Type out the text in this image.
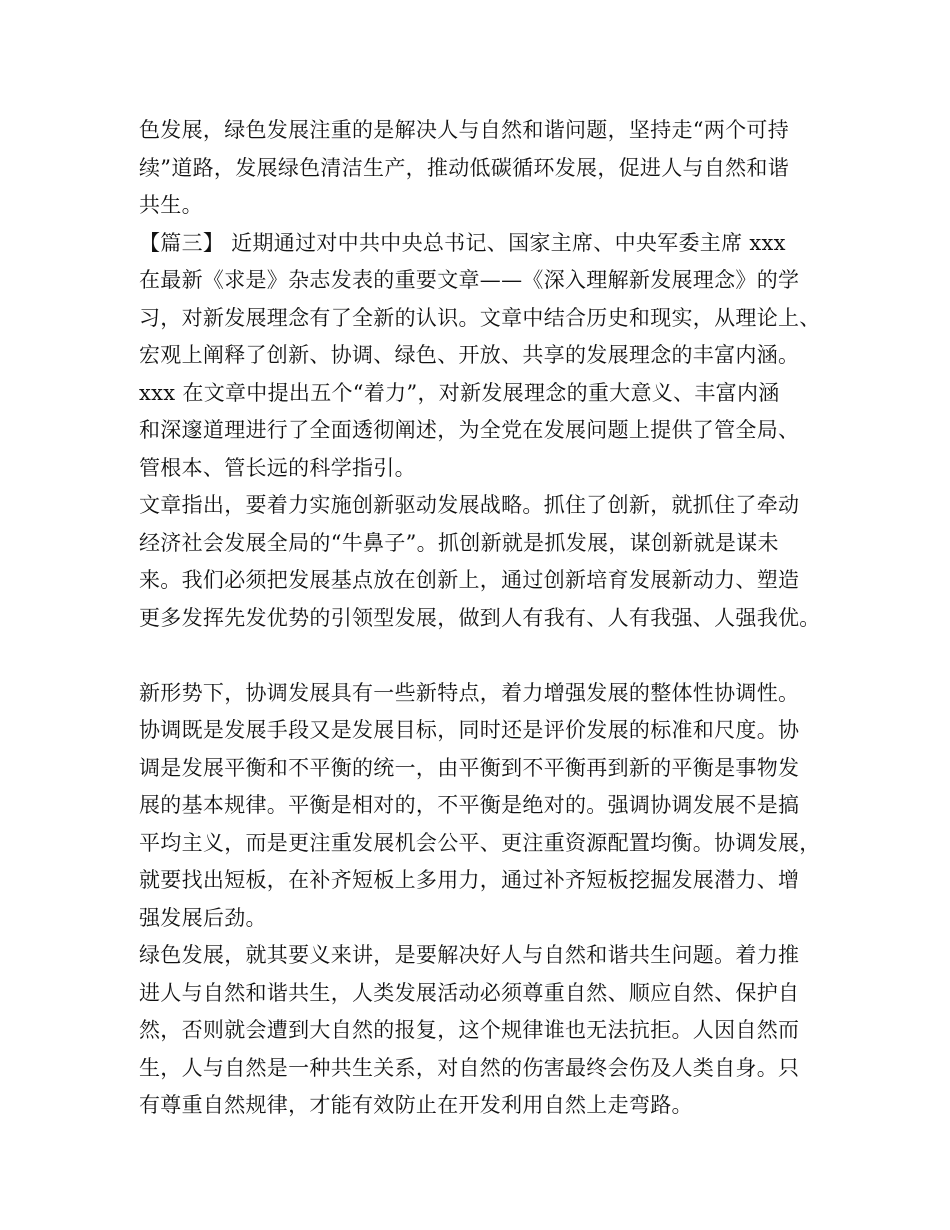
色发展，绿色发展注重的是解决人与自然和谐问题，坚持走“两个可持
续”道路，发展绿色清洁生产，推动低碳循环发展，促进人与自然和谐
共生。
【篇三】 近期通过对中共中央总书记、国家主席、中央军委主席 xxx
在最新《求是》杂志发表的重要文章——《深入理解新发展理念》的学
习，对新发展理念有了全新的认识。文章中结合历史和现实，从理论上、
宏观上阐释了创新、协调、绿色、开放、共享的发展理念的丰富内涵。
xxx 在文章中提出五个“着力”，对新发展理念的重大意义、丰富内涵
和深邃道理进行了全面透彻阐述，为全党在发展问题上提供了管全局、
管根本、管长远的科学指引。
文章指出，要着力实施创新驱动发展战略。抓住了创新，就抓住了牵动
经济社会发展全局的“牛鼻子”。抓创新就是抓发展，谋创新就是谋未
来。我们必须把发展基点放在创新上，通过创新培育发展新动力、塑造
更多发挥先发优势的引领型发展，做到人有我有、人有我强、人强我优。
新形势下，协调发展具有一些新特点，着力增强发展的整体性协调性。
协调既是发展手段又是发展目标，同时还是评价发展的标准和尺度。协
调是发展平衡和不平衡的统一，由平衡到不平衡再到新的平衡是事物发
展的基本规律。平衡是相对的，不平衡是绝对的。强调协调发展不是搞
平均主义，而是更注重发展机会公平、更注重资源配置均衡。协调发展，
就要找出短板，在补齐短板上多用力，通过补齐短板挖掘发展潜力、增
强发展后劲。
绿色发展，就其要义来讲，是要解决好人与自然和谐共生问题。着力推
进人与自然和谐共生，人类发展活动必须尊重自然、顺应自然、保护自
然，否则就会遭到大自然的报复，这个规律谁也无法抗拒。人因自然而
生，人与自然是一种共生关系，对自然的伤害最终会伤及人类自身。只
有尊重自然规律，才能有效防止在开发利用自然上走弯路。
